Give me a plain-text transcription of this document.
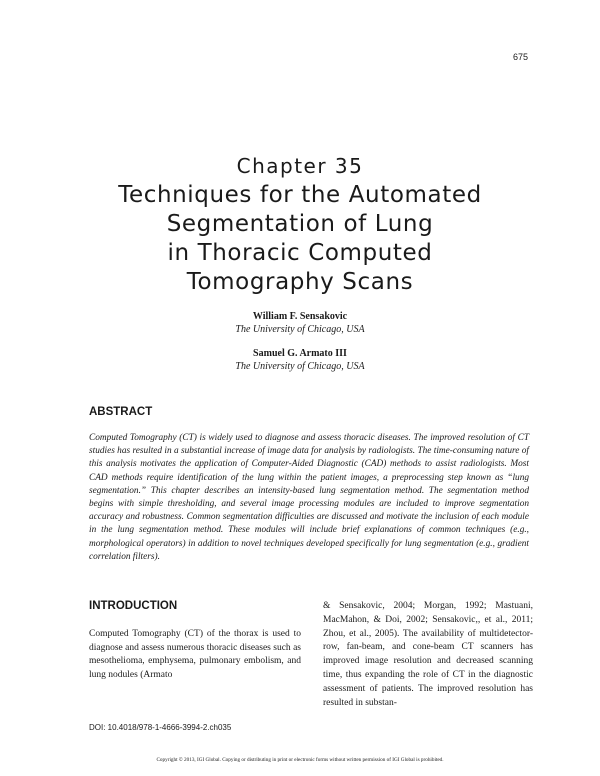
675
Chapter 35
Techniques for the Automated
Segmentation of Lung
in Thoracic Computed
Tomography Scans
William F. Sensakovic
The University of Chicago, USA
Samuel G. Armato III
The University of Chicago, USA
ABSTRACT

Computed Tomography (CT) is widely used to diagnose and assess thoracic diseases. The improved resolution of CT studies has resulted in a substantial increase of image data for analysis by radiologists. The time-consuming nature of this analysis motivates the application of Computer-Aided Diagnostic (CAD) methods to assist radiologists. Most CAD methods require identification of the lung within the patient images, a preprocessing step known as “lung segmentation.” This chapter describes an intensity-based lung segmentation method. The segmentation method begins with simple thresholding, and several image processing modules are included to improve segmentation accuracy and robustness. Common segmentation difficulties are discussed and motivate the inclusion of each module in the lung segmentation method. These modules will include brief explanations of common techniques (e.g., morphological operators) in addition to novel techniques developed specifically for lung segmentation (e.g., gradient correlation filters).

INTRODUCTION

Computed Tomography (CT) of the thorax is used to diagnose and assess numerous thoracic diseases such as mesothelioma, emphysema, pulmonary embolism, and lung nodules (Armato

& Sensakovic, 2004; Morgan, 1992; Mastuani, MacMahon, & Doi, 2002; Sensakovic,, et al., 2011; Zhou, et al., 2005). The availability of multidetector-row, fan-beam, and cone-beam CT scanners has improved image resolution and decreased scanning time, thus expanding the role of CT in the diagnostic assessment of patients. The improved resolution has resulted in substan-

DOI: 10.4018/978-1-4666-3994-2.ch035
Copyright © 2013, IGI Global. Copying or distributing in print or electronic forms without written permission of IGI Global is prohibited.
